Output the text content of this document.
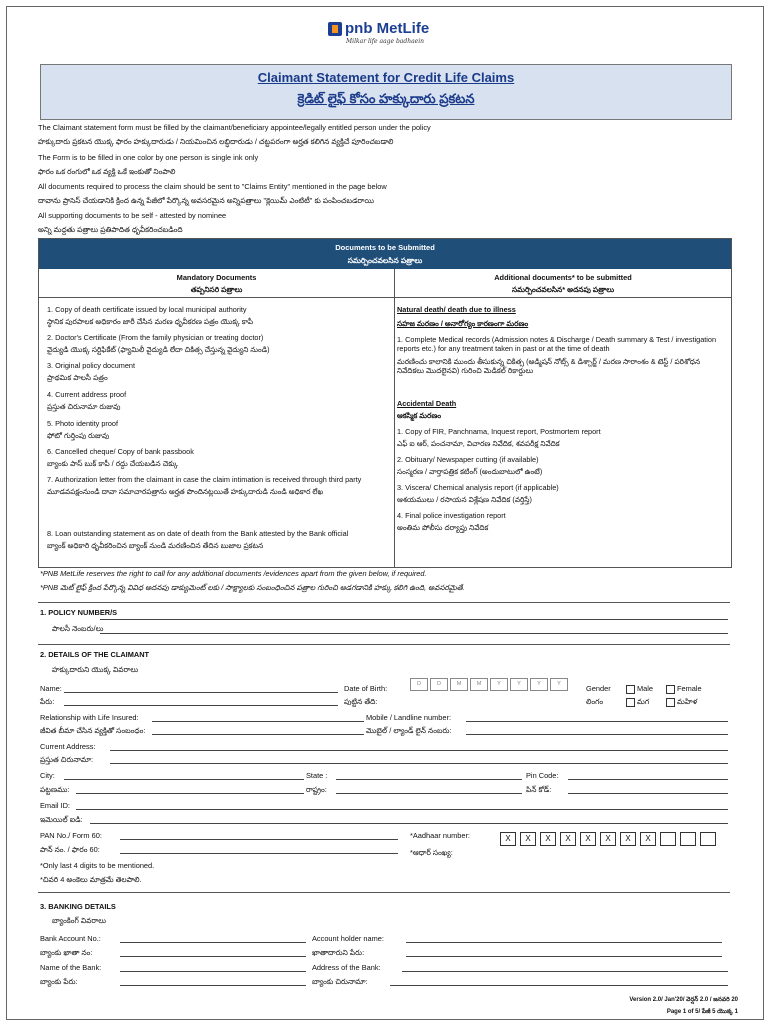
pnb MetLife
Milkar life aage badhaein
Claimant Statement for Credit Life Claims
క్రెడిట్ లైఫ్ కోసం హక్కుదారు ప్రకటన
The Claimant statement form must be filled by the claimant/beneficiary appointee/legally entitled person under the policy
హక్కుదారు ప్రకటన యొక్క ఫారం హక్కుదారుడు / నియమించిన లబ్ధిదారుడు / చట్టపరంగా అర్హత కలిగిన వ్యక్తిచే పూరించబడాలి
The Form is to be filled in one color by one person is single ink only
ఫారం ఒక రంగులో ఒక వ్యక్తి ఒకే ఇంకుతో నింపాలి
All documents required to process the claim should be sent to "Claims Entity" mentioned in the page below
దావాను ప్రాసెస్ చేయడానికి క్రింద ఉన్న పేజీలో పేర్కొన్న అవసరమైన అన్నిపత్రాలు "క్లెయిమ్ ఎంటిటీ" కు పంపించబడరాయి
All supporting documents to be self - attested by nominee
అన్ని మద్దతు పత్రాలు ప్రతిపాదిత ధృవీకరించబడింది
Documents to be Submitted
సమర్పించవలసిన పత్రాలు
Mandatory Documents
తప్పనిసరి పత్రాలు
Additional documents* to be submitted
సమర్పించవలసిన* అదనపు పత్రాలు
1. Copy of death certificate issued by local municipal authority
స్థానిక పురపాలక అధికారం జారీ చేసిన మరణ ధృవీకరణ పత్రం యొక్క కాపీ
2. Doctor's Certificate (From the family physician or treating doctor)
వైద్యుడి యొక్క సర్టిఫికేట్ (ఫ్యామిలీ వైద్యుడి లేదా చికిత్స చేస్తున్న వైద్యుని నుండి)
3. Original policy document
ప్రాథమిక పాలసీ పత్రం
4. Current address proof
ప్రస్తుత చిరునామా రుజువు
5. Photo identity proof
ఫోటో గుర్తింపు రుజువు
6. Cancelled cheque/ Copy of bank passbook
బ్యాంకు పాస్ బుక్ కాపీ / రద్దు చేయబడిన చెక్కు
7. Authorization letter from the claimant in case the claim intimation is received through third party
మూడవపక్షంనుండి దావా సమాచారపత్రాను అర్హత పొందినట్లయితే హక్కుదారుడి నుండి అధికార లేఖ
8. Loan outstanding statement as on date of death from the Bank attested by the Bank official
బ్యాంక్ అధికారి ధృవీకరించిన బ్యాంక్ నుండి మరణించిన తేదిన బుజాల ప్రకటన
Natural death/ death due to illness
సహజ మరణం / అనారోగ్యం కారణంగా మరణం
1. Complete Medical records (Admission notes & Discharge / Death summary & Test / investigation reports etc.) for any treatment taken in past or at the time of death
మరణించు కాలానికి ముందు తీసుకున్న చికిత్స (అడ్మిషన్ నోట్స్ & డిశ్చార్జ్ / మరణ సారాంశం & టెస్ట్ / పరిశోధన నివేదికలు మొదలైనవి) గురించి మెడికల్ రికార్డులు
Accidental Death
ఆకస్మిక మరణం
1. Copy of FIR, Panchnama, Inquest report, Postmortem report
ఎఫ్ ఐ ఆర్, పంచనామా, విచారణ నివేదిక, శవపరీక్ష నివేదిక
2. Obituary/ Newspaper cutting (if available)
సంస్మరణ / వార్తాపత్రిక కటింగ్ (అందుబాటులో ఉంటే)
3. Viscera/ Chemical analysis report (if applicable)
ఆశయములు / రసాయన విశ్లేషణ నివేదిక (వర్తిస్తే)
4. Final police investigation report
అంతిమ పోలీసు దర్యాప్తు నివేదిక
*PNB MetLife reserves the right to call for any additional documents /evidences apart from the given below, if required.
*PNB మెట్ లైఫ్ క్రింద పేర్కొన్న వివిధ అదనపు డాక్యుమెంట్ లకు / సాక్ష్యాలకు సంబంధించిన పత్రాల గురించి అడగడానికి హక్కు కలిగి ఉంది, అవసరమైతే.
1. POLICY NUMBER/S
పాలసీ నెంబరు/లు
2. DETAILS OF THE CLAIMANT
హక్కుదారుని యొక్క వివరాలు
Name:
పేరు:
Date of Birth:
పుట్టిన తేది:
D	D	M	M	Y	Y	Y	Y	Gender
లింగం
Male
మగ
Female
మహిళ
Relationship with Life Insured:
జీవిత బీమా చేసిన వ్యక్తితో సంబంధం:
Mobile / Landline number:
మొబైల్ / ల్యాండ్ లైన్ నంబరు:
Current Address:
ప్రస్తుత చిరునామా:
City:
పట్టణము:
State :
రాష్ట్రం:
Pin Code:
పిన్ కోడ్:
Email ID:
ఇమెయిల్ ఐడి:
PAN No./ Form 60:
పాన్ నం. / ఫారం 60:
*Aadhaar number:
*ఆధార్ సంఖ్య:
X	X	X	X	X	X	X	X
*Only last 4 digits to be mentioned.
*చివరి 4 అంకెలు మాత్రమే తెలపాలి.
3. BANKING DETAILS
బ్యాంకింగ్ వివరాలు
Bank Account No.:
బ్యాంకు ఖాతా నం:
Account holder name:
ఖాతాదారుని పేరు:
Name of the Bank:
బ్యాంకు పేరు:
Address of the Bank:
బ్యాంకు చిరునామా:
Version 2.0/ Jan'20/ వెర్షన్ 2.0 / జనవరి 20
Page 1 of 5/ పేజీ 5 యొక్క 1
